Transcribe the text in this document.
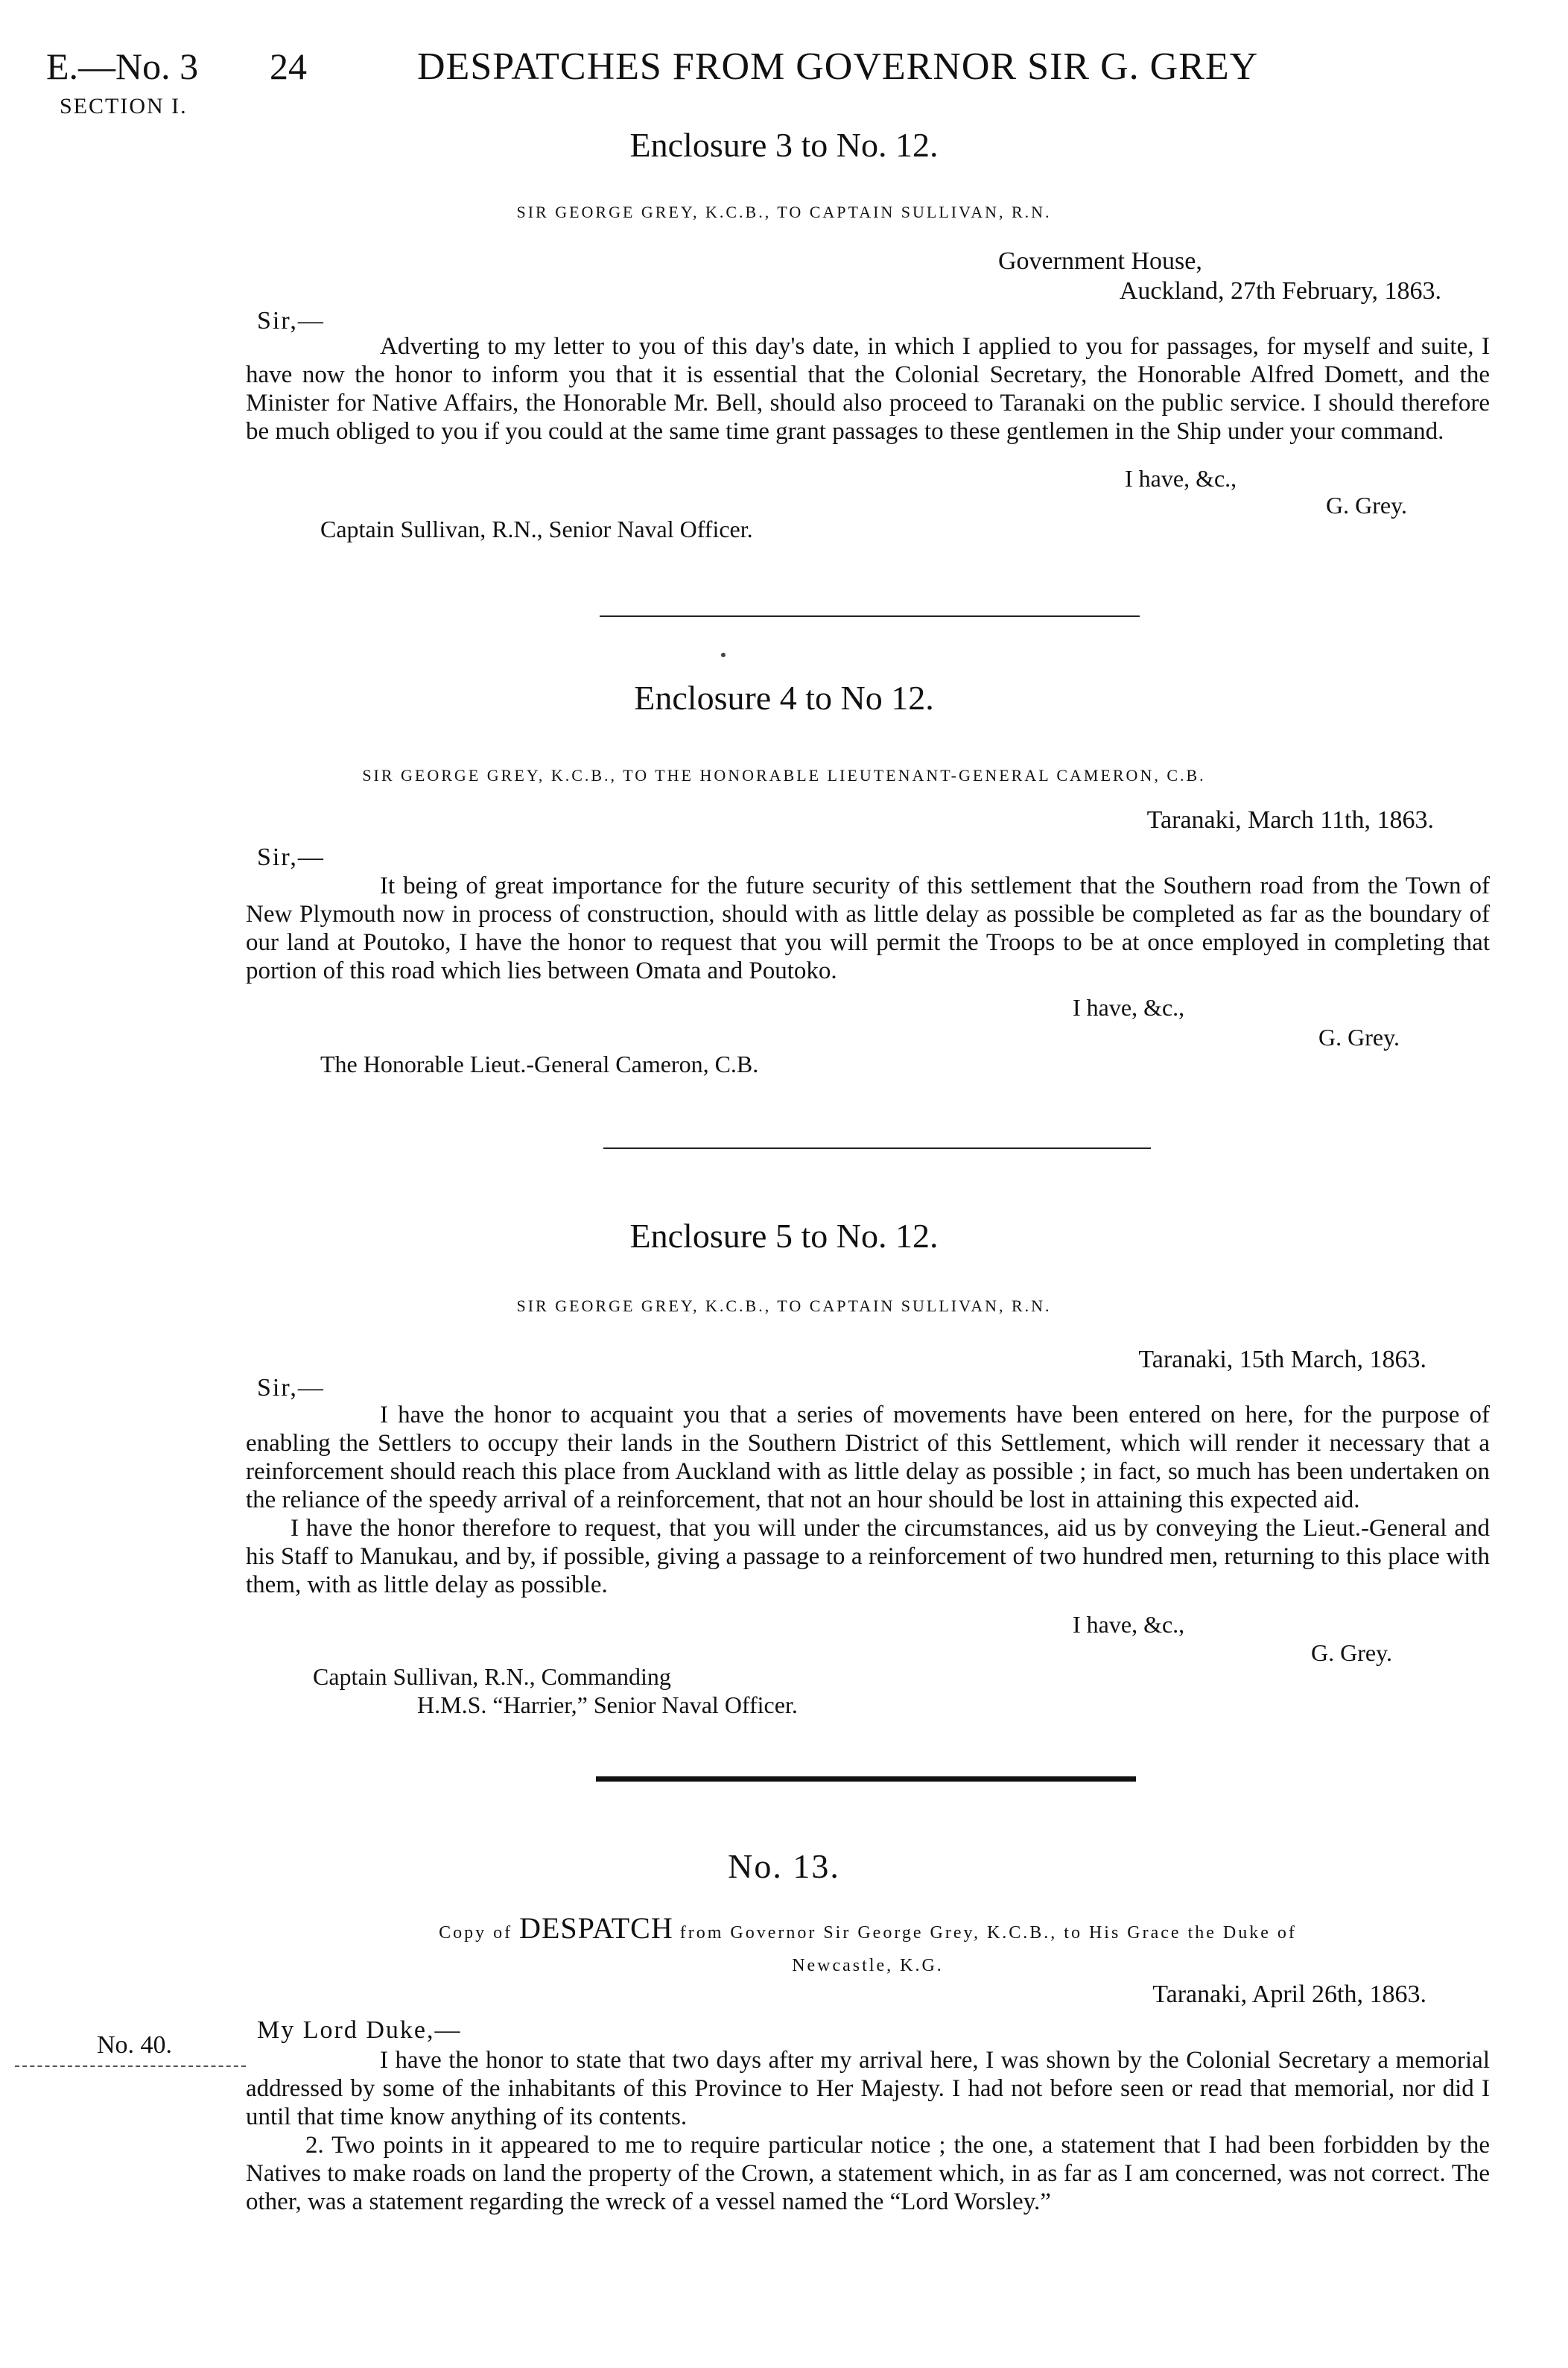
E.—No. 3
SECTION I.
24	DESPATCHES FROM GOVERNOR SIR G. GREY
Enclosure 3 to No. 12.
SIR GEORGE GREY, K.C.B., TO CAPTAIN SULLIVAN, R.N.
Government House,
Auckland, 27th February, 1863.
Sir,—

Adverting to my letter to you of this day's date, in which I applied to you for passages, for myself and suite, I have now the honor to inform you that it is essential that the Colonial Secretary, the Honorable Alfred Domett, and the Minister for Native Affairs, the Honorable Mr. Bell, should also proceed to Taranaki on the public service. I should therefore be much obliged to you if you could at the same time grant passages to these gentlemen in the Ship under your command.

I have, &c.,
G. Grey.
Captain Sullivan, R.N., Senior Naval Officer.
Enclosure 4 to No 12.
SIR GEORGE GREY, K.C.B., TO THE HONORABLE LIEUTENANT-GENERAL CAMERON, C.B.
Taranaki, March 11th, 1863.
Sir,—

It being of great importance for the future security of this settlement that the Southern road from the Town of New Plymouth now in process of construction, should with as little delay as possible be completed as far as the boundary of our land at Poutoko, I have the honor to request that you will permit the Troops to be at once employed in completing that portion of this road which lies between Omata and Poutoko.

I have, &c.,
G. Grey.
The Honorable Lieut.-General Cameron, C.B.
Enclosure 5 to No. 12.
SIR GEORGE GREY, K.C.B., TO CAPTAIN SULLIVAN, R.N.
Taranaki, 15th March, 1863.
Sir,—

I have the honor to acquaint you that a series of movements have been entered on here, for the purpose of enabling the Settlers to occupy their lands in the Southern District of this Settlement, which will render it necessary that a reinforcement should reach this place from Auckland with as little delay as possible ; in fact, so much has been undertaken on the reliance of the speedy arrival of a reinforcement, that not an hour should be lost in attaining this expected aid.

I have the honor therefore to request, that you will under the circumstances, aid us by conveying the Lieut.-General and his Staff to Manukau, and by, if possible, giving a passage to a reinforcement of two hundred men, returning to this place with them, with as little delay as possible.

I have, &c.,
G. Grey.
Captain Sullivan, R.N., Commanding
H.M.S. “Harrier,” Senior Naval Officer.
No. 13.
Copy of DESPATCH from Governor Sir George Grey, K.C.B., to His Grace the Duke of
Newcastle, K.G.
Taranaki, April 26th, 1863.
No. 40.
My Lord Duke,—

I have the honor to state that two days after my arrival here, I was shown by the Colonial Secretary a memorial addressed by some of the inhabitants of this Province to Her Majesty. I had not before seen or read that memorial, nor did I until that time know anything of its contents.

2. Two points in it appeared to me to require particular notice ; the one, a statement that I had been forbidden by the Natives to make roads on land the property of the Crown, a statement which, in as far as I am concerned, was not correct. The other, was a statement regarding the wreck of a vessel named the “Lord Worsley.”
